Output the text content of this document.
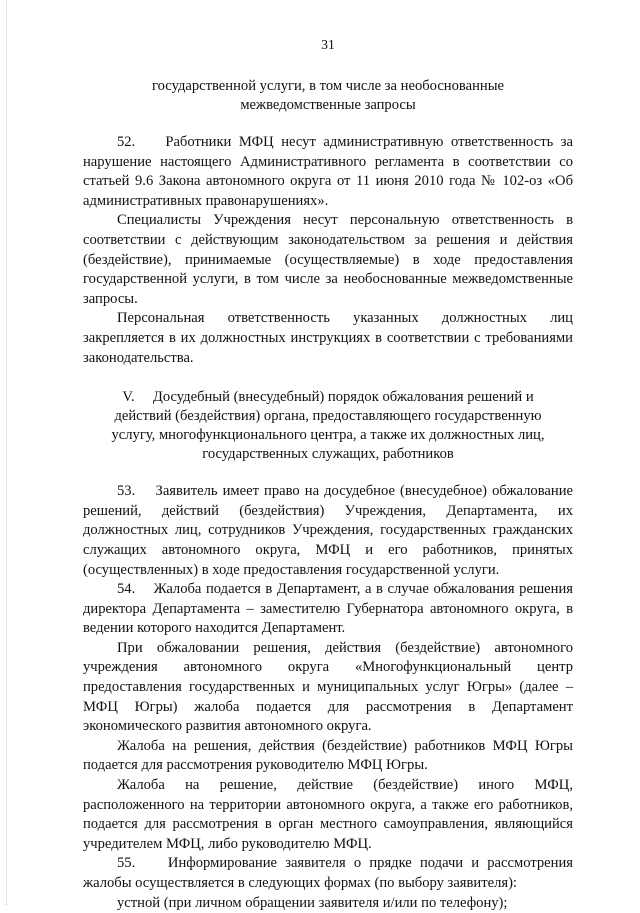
31
государственной услуги, в том числе за необоснованные
межведомственные запросы

52.    Работники МФЦ несут административную ответственность за нарушение настоящего Административного регламента в соответствии со статьей 9.6 Закона автономного округа от 11 июня 2010 года № 102-оз «Об административных правонарушениях».

Специалисты Учреждения несут персональную ответственность в соответствии с действующим законодательством за решения и действия (бездействие), принимаемые (осуществляемые) в ходе предоставления государственной услуги, в том числе за необоснованные межведомственные запросы.

Персональная ответственность указанных должностных лиц закрепляется в их должностных инструкциях в соответствии с требованиями законодательства.

V.     Досудебный (внесудебный) порядок обжалования решений и
действий (бездействия) органа, предоставляющего государственную
услугу, многофункционального центра, а также их должностных лиц,
государственных служащих, работников

53.    Заявитель имеет право на досудебное (внесудебное) обжалование решений, действий (бездействия) Учреждения, Департамента, их должностных лиц, сотрудников Учреждения, государственных гражданских служащих автономного округа, МФЦ и его работников, принятых (осуществленных) в ходе предоставления государственной услуги.

54.    Жалоба подается в Департамент, а в случае обжалования решения директора Департамента – заместителю Губернатора автономного округа, в ведении которого находится Департамент.

При обжаловании решения, действия (бездействие) автономного учреждения автономного округа «Многофункциональный центр предоставления государственных и муниципальных услуг Югры» (далее – МФЦ Югры) жалоба подается для рассмотрения в Департамент экономического развития автономного округа.

Жалоба на решения, действия (бездействие) работников МФЦ Югры подается для рассмотрения руководителю МФЦ Югры.

Жалоба на решение, действие (бездействие) иного МФЦ, расположенного на территории автономного округа, а также его работников, подается для рассмотрения в орган местного самоуправления, являющийся учредителем МФЦ, либо руководителю МФЦ.

55.    Информирование заявителя о прядке подачи и рассмотрения жалобы осуществляется в следующих формах (по выбору заявителя):

устной (при личном обращении заявителя и/или по телефону);
